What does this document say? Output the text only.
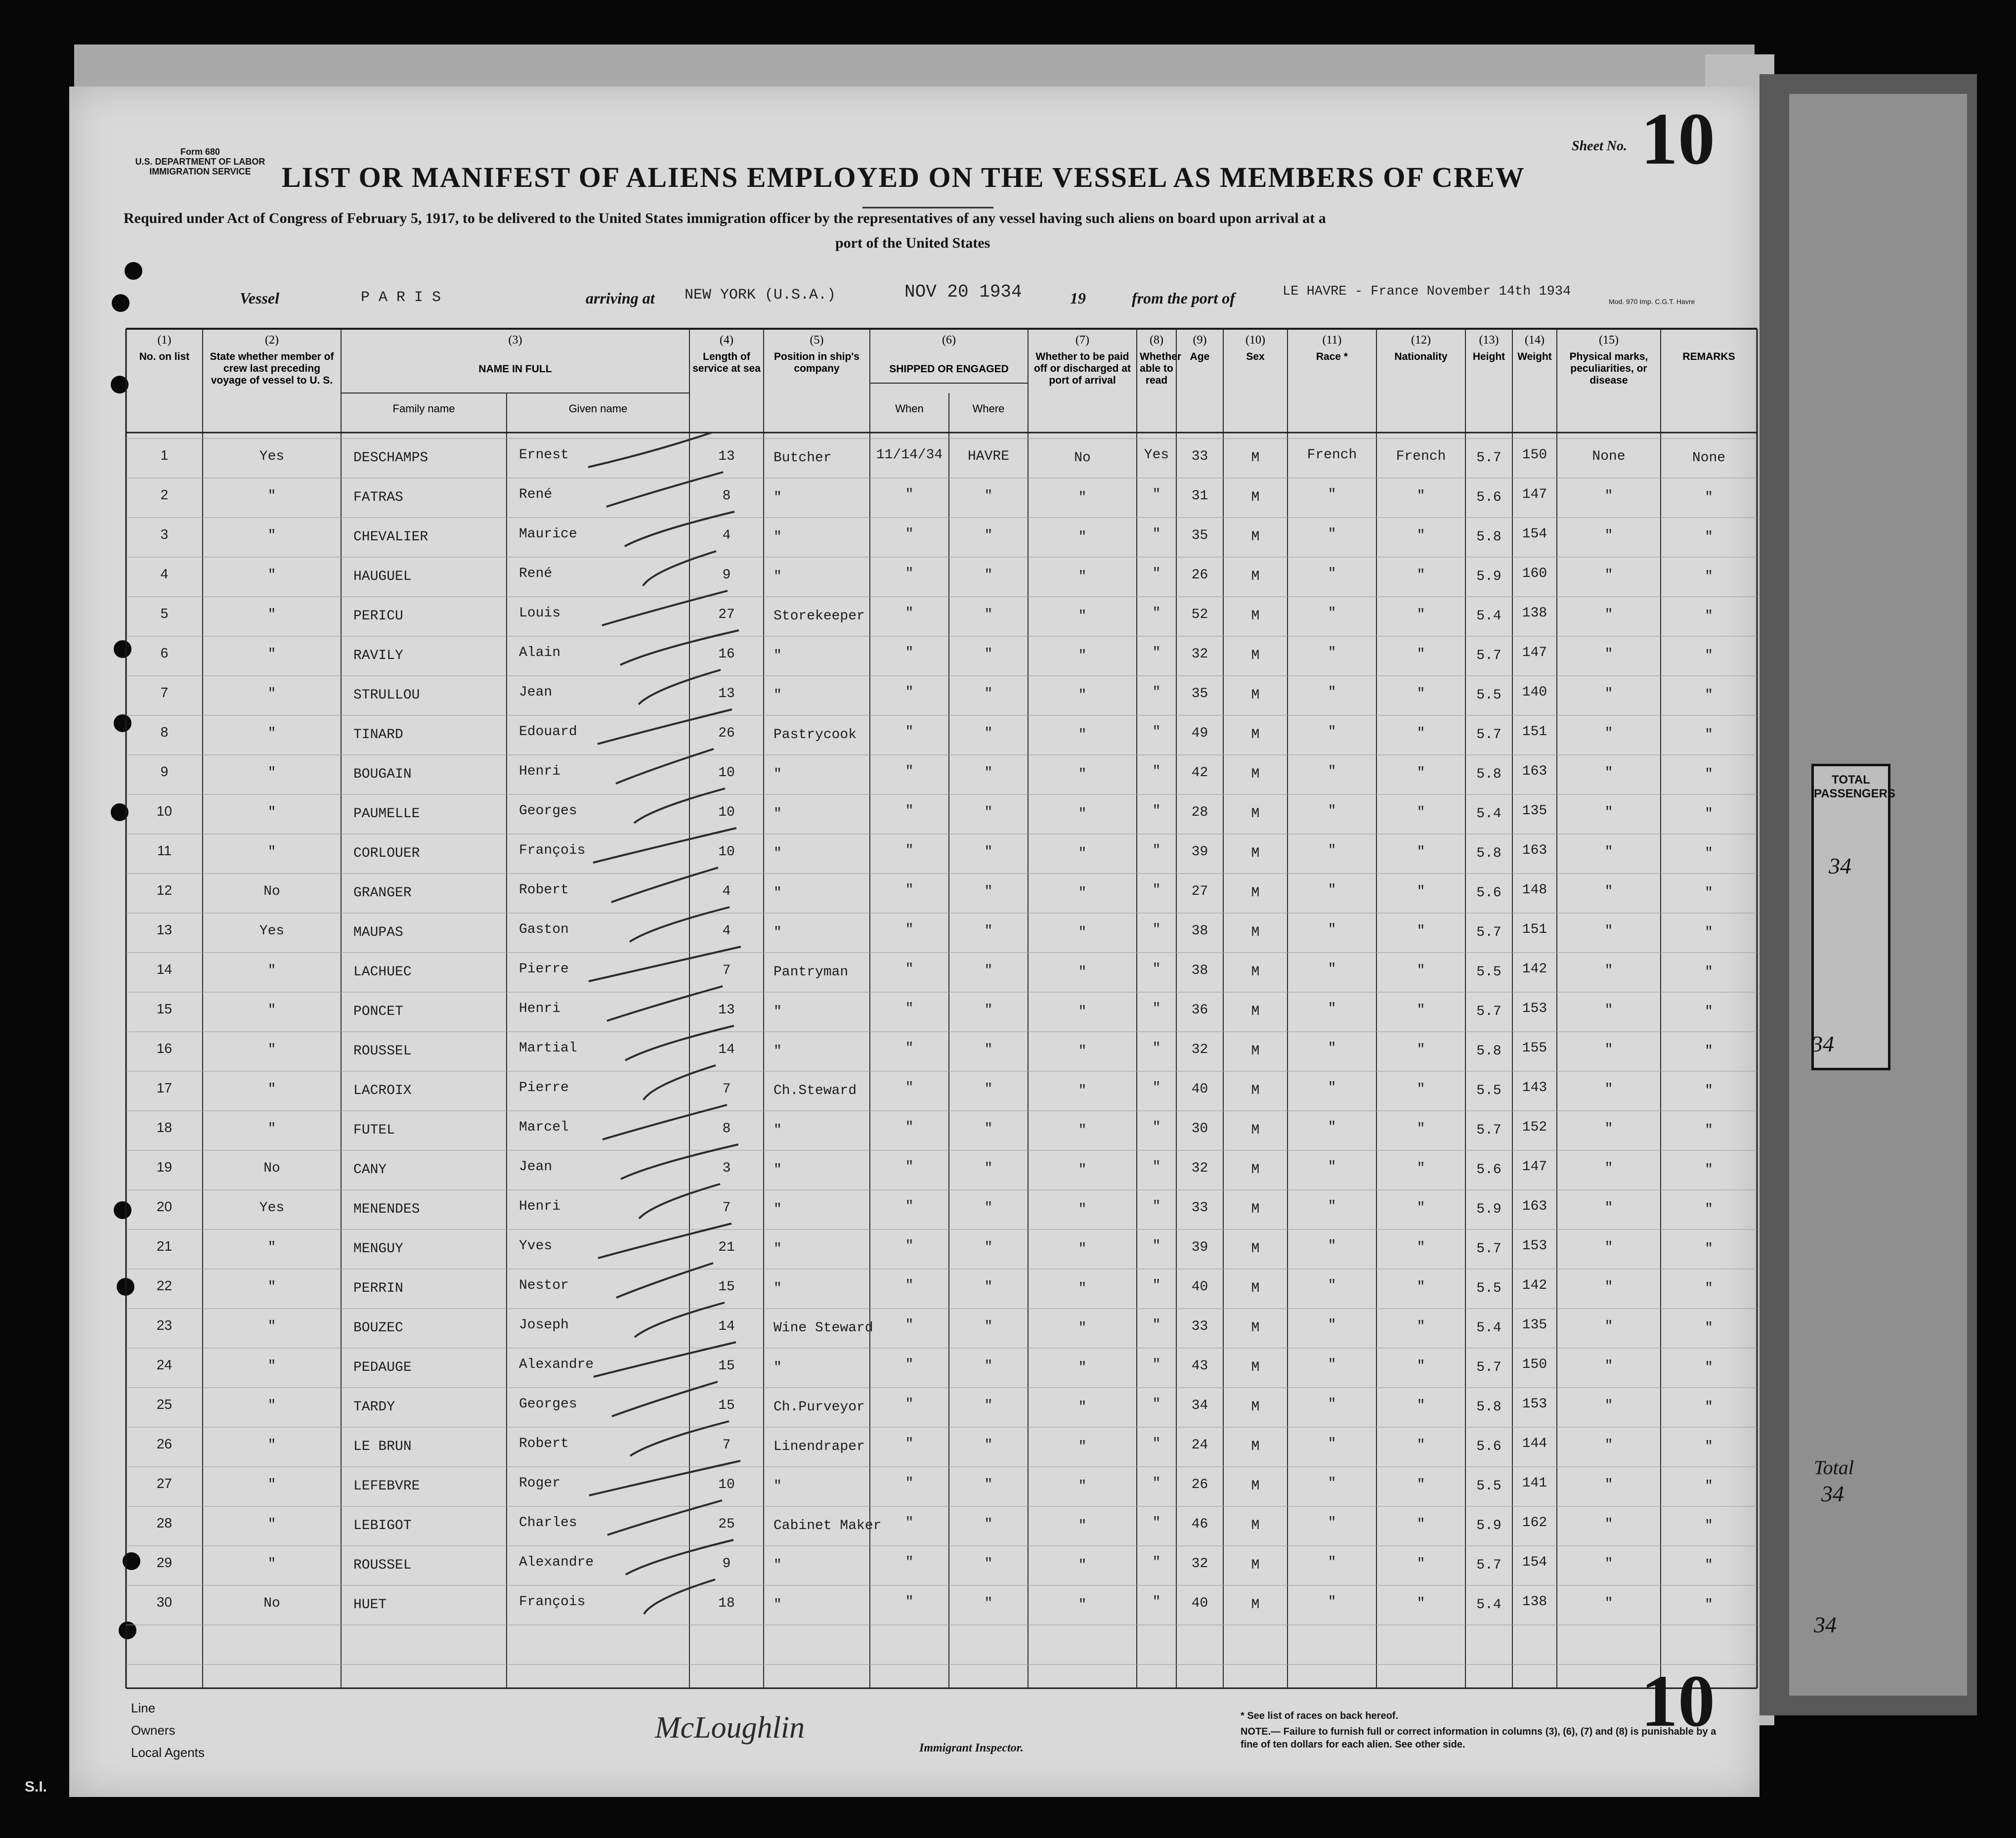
TOTAL PASSENGERS
34
34
Total
34
34
Form 680
U.S. DEPARTMENT OF LABOR
IMMIGRATION SERVICE
Sheet No. 10
LIST OR MANIFEST OF ALIENS EMPLOYED ON THE VESSEL AS MEMBERS OF CREW
Required under Act of Congress of February 5, 1917, to be delivered to the United States immigration officer by the representatives of any vessel having such aliens on board upon arrival at a
port of the United States
Vessel	P A R I S	arriving at NEW YORK (U.S.A.)	NOV 20 1934	19	from the port of	LE HAVRE - France November 14th 1934
Mod. 970 Imp. C.G.T. Havre
(1)
No. on list
(2)
State whether member of crew last preceding voyage of vessel to U. S.
(3)
NAME IN FULL
(4)
Length of service at sea
(5)
Position in ship's company
(6)
SHIPPED OR ENGAGED
(7)
Whether to be paid off or discharged at port of arrival
(8)
Whether able to read
(9)
Age
(10)
Sex
(11)
Race *
(12)
Nationality
(13)
Height
(14)
Weight
(15)
Physical marks, peculiarities, or disease
REMARKS
Family name	Given name	When	Where
1	Yes	DESCHAMPS	Ernest	13	Butcher	11/14/34	HAVRE	No	Yes	33	M	French	French	5.7	150	None	None
2	"	FATRAS	René	8	"	"	"	"	"	31	M	"	"	5.6	147	"	"
3	"	CHEVALIER	Maurice	4	"	"	"	"	"	35	M	"	"	5.8	154	"	"
4	"	HAUGUEL	René	9	"	"	"	"	"	26	M	"	"	5.9	160	"	"
5	"	PERICU	Louis	27	Storekeeper	"	"	"	"	52	M	"	"	5.4	138	"	"
6	"	RAVILY	Alain	16	"	"	"	"	"	32	M	"	"	5.7	147	"	"
7	"	STRULLOU	Jean	13	"	"	"	"	"	35	M	"	"	5.5	140	"	"
8	"	TINARD	Edouard	26	Pastrycook	"	"	"	"	49	M	"	"	5.7	151	"	"
9	"	BOUGAIN	Henri	10	"	"	"	"	"	42	M	"	"	5.8	163	"	"
10	"	PAUMELLE	Georges	10	"	"	"	"	"	28	M	"	"	5.4	135	"	"
11	"	CORLOUER	François	10	"	"	"	"	"	39	M	"	"	5.8	163	"	"
12	No	GRANGER	Robert	4	"	"	"	"	"	27	M	"	"	5.6	148	"	"
13	Yes	MAUPAS	Gaston	4	"	"	"	"	"	38	M	"	"	5.7	151	"	"
14	"	LACHUEC	Pierre	7	Pantryman	"	"	"	"	38	M	"	"	5.5	142	"	"
15	"	PONCET	Henri	13	"	"	"	"	"	36	M	"	"	5.7	153	"	"
16	"	ROUSSEL	Martial	14	"	"	"	"	"	32	M	"	"	5.8	155	"	"
17	"	LACROIX	Pierre	7	Ch.Steward	"	"	"	"	40	M	"	"	5.5	143	"	"
18	"	FUTEL	Marcel	8	"	"	"	"	"	30	M	"	"	5.7	152	"	"
19	No	CANY	Jean	3	"	"	"	"	"	32	M	"	"	5.6	147	"	"
20	Yes	MENENDES	Henri	7	"	"	"	"	"	33	M	"	"	5.9	163	"	"
21	"	MENGUY	Yves	21	"	"	"	"	"	39	M	"	"	5.7	153	"	"
22	"	PERRIN	Nestor	15	"	"	"	"	"	40	M	"	"	5.5	142	"	"
23	"	BOUZEC	Joseph	14	Wine Steward	"	"	"	"	33	M	"	"	5.4	135	"	"
24	"	PEDAUGE	Alexandre	15	"	"	"	"	"	43	M	"	"	5.7	150	"	"
25	"	TARDY	Georges	15	Ch.Purveyor	"	"	"	"	34	M	"	"	5.8	153	"	"
26	"	LE BRUN	Robert	7	Linendraper	"	"	"	"	24	M	"	"	5.6	144	"	"
27	"	LEFEBVRE	Roger	10	"	"	"	"	"	26	M	"	"	5.5	141	"	"
28	"	LEBIGOT	Charles	25	Cabinet Maker	"	"	"	"	46	M	"	"	5.9	162	"	"
29	"	ROUSSEL	Alexandre	9	"	"	"	"	"	32	M	"	"	5.7	154	"	"
30	No	HUET	François	18	"	"	"	"	"	40	M	"	"	5.4	138	"	"
Line
Owners
Local Agents
McLoughlin
Immigrant Inspector.
* See list of races on back hereof.
NOTE.— Failure to furnish full or correct information in columns (3), (6), (7) and (8) is punishable by a fine of ten dollars for each alien. See other side.
10
S.I.
